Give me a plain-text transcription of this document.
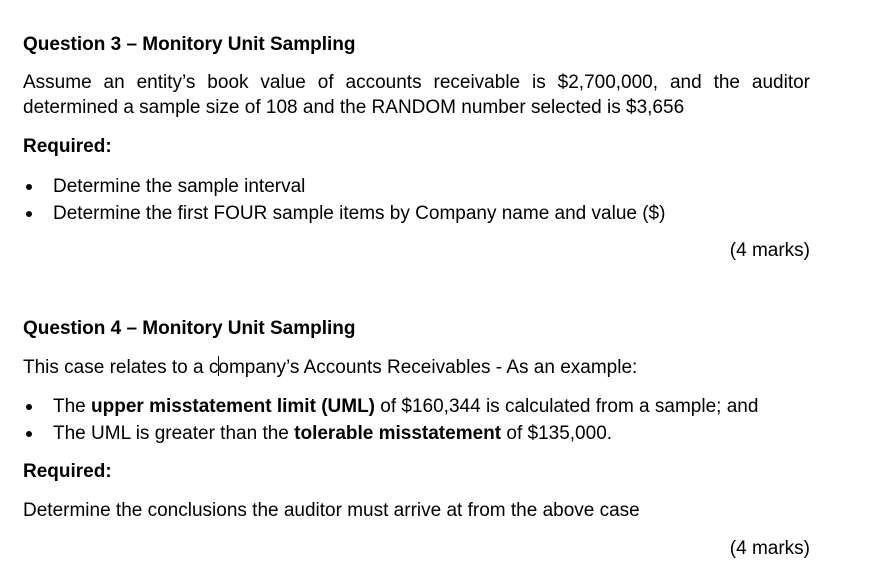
Question 3 – Monitory Unit Sampling
Assume an entity’s book value of accounts receivable is $2,700,000, and the auditor determined a sample size of 108 and the RANDOM number selected is $3,656
Required:
Determine the sample interval
Determine the first FOUR sample items by Company name and value ($)
(4 marks)
Question 4 – Monitory Unit Sampling
This case relates to a company’s Accounts Receivables - As an example:
The upper misstatement limit (UML) of $160,344 is calculated from a sample; and
The UML is greater than the tolerable misstatement of $135,000.
Required:
Determine the conclusions the auditor must arrive at from the above case
(4 marks)
